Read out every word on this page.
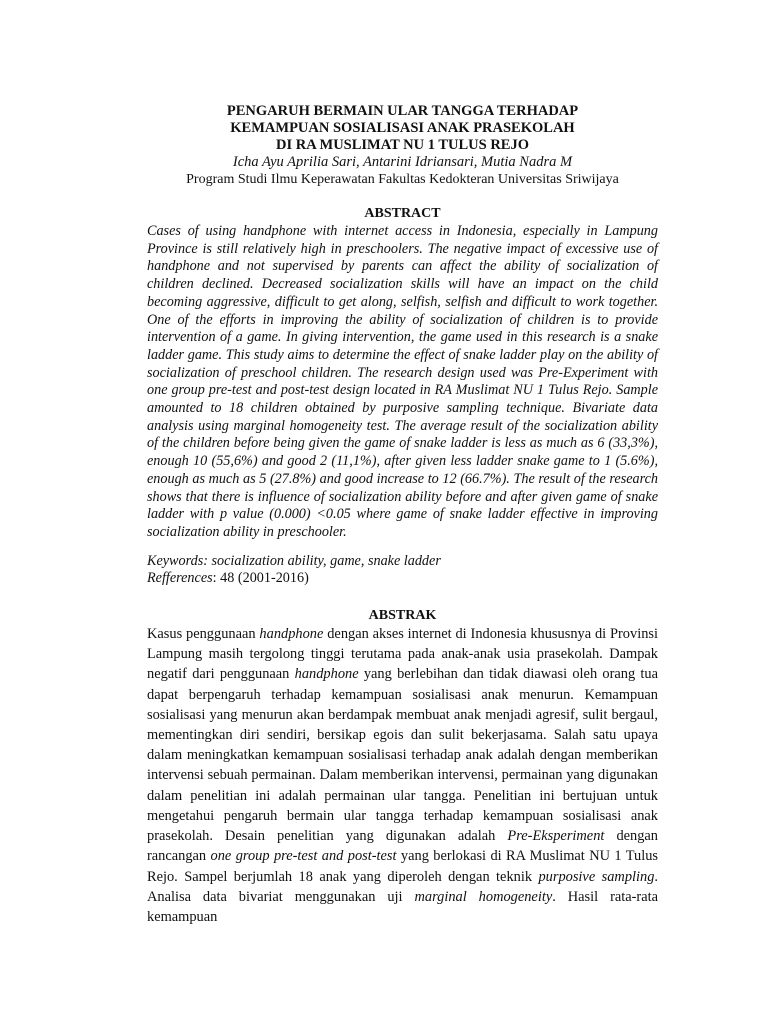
PENGARUH BERMAIN ULAR TANGGA TERHADAP
KEMAMPUAN SOSIALISASI ANAK PRASEKOLAH
DI RA MUSLIMAT NU 1 TULUS REJO

Icha Ayu Aprilia Sari, Antarini Idriansari, Mutia Nadra M

Program Studi Ilmu Keperawatan Fakultas Kedokteran Universitas Sriwijaya

ABSTRACT

Cases of using handphone with internet access in Indonesia, especially in Lampung Province is still relatively high in preschoolers. The negative impact of excessive use of handphone and not supervised by parents can affect the ability of socialization of children declined. Decreased socialization skills will have an impact on the child becoming aggressive, difficult to get along, selfish, selfish and difficult to work together. One of the efforts in improving the ability of socialization of children is to provide intervention of a game. In giving intervention, the game used in this research is a snake ladder game. This study aims to determine the effect of snake ladder play on the ability of socialization of preschool children. The research design used was Pre-Experiment with one group pre-test and post-test design located in RA Muslimat NU 1 Tulus Rejo. Sample amounted to 18 children obtained by purposive sampling technique. Bivariate data analysis using marginal homogeneity test. The average result of the socialization ability of the children before being given the game of snake ladder is less as much as 6 (33,3%), enough 10 (55,6%) and good 2 (11,1%), after given less ladder snake game to 1 (5.6%), enough as much as 5 (27.8%) and good increase to 12 (66.7%). The result of the research shows that there is influence of socialization ability before and after given game of snake ladder with p value (0.000) <0.05 where game of snake ladder effective in improving socialization ability in preschooler.

Keywords: socialization ability, game, snake ladder
Refferences: 48 (2001-2016)

ABSTRAK

Kasus penggunaan handphone dengan akses internet di Indonesia khususnya di Provinsi Lampung masih tergolong tinggi terutama pada anak-anak usia prasekolah. Dampak negatif dari penggunaan handphone yang berlebihan dan tidak diawasi oleh orang tua dapat berpengaruh terhadap kemampuan sosialisasi anak menurun. Kemampuan sosialisasi yang menurun akan berdampak membuat anak menjadi agresif, sulit bergaul, mementingkan diri sendiri, bersikap egois dan sulit bekerjasama. Salah satu upaya dalam meningkatkan kemampuan sosialisasi terhadap anak adalah dengan memberikan intervensi sebuah permainan. Dalam memberikan intervensi, permainan yang digunakan dalam penelitian ini adalah permainan ular tangga. Penelitian ini bertujuan untuk mengetahui pengaruh bermain ular tangga terhadap kemampuan sosialisasi anak prasekolah. Desain penelitian yang digunakan adalah Pre-Eksperiment dengan rancangan one group pre-test and post-test yang berlokasi di RA Muslimat NU 1 Tulus Rejo. Sampel berjumlah 18 anak yang diperoleh dengan teknik purposive sampling. Analisa data bivariat menggunakan uji marginal homogeneity. Hasil rata-rata kemampuan
